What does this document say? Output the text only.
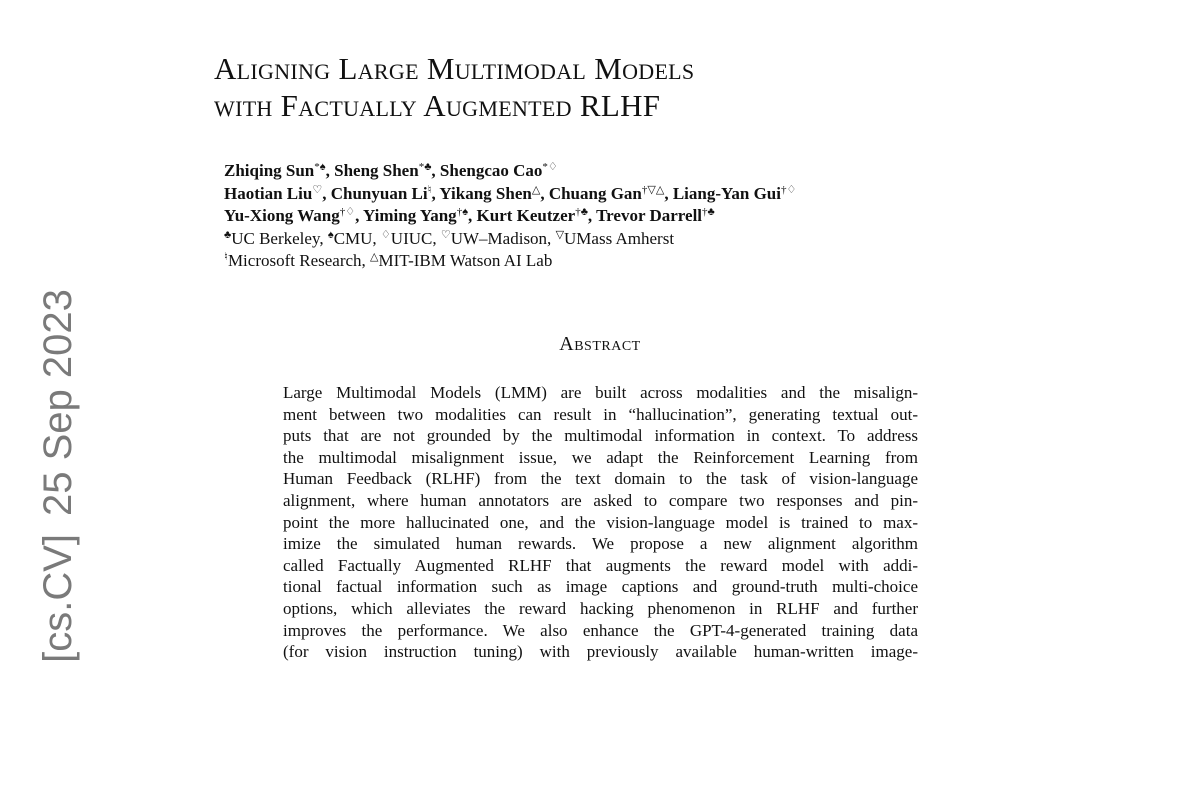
[cs.CV]25 Sep 2023
Aligning Large Multimodal Models
with Factually Augmented RLHF
Zhiqing Sun*♠, Sheng Shen*♣, Shengcao Cao*♢
Haotian Liu♡, Chunyuan Li♮, Yikang Shen△, Chuang Gan†▽△, Liang-Yan Gui†♢
Yu-Xiong Wang†♢, Yiming Yang†♠, Kurt Keutzer†♣, Trevor Darrell†♣
♣UC Berkeley, ♠CMU, ♢UIUC, ♡UW–Madison, ▽UMass Amherst
♮Microsoft Research, △MIT-IBM Watson AI Lab
Abstract
Large Multimodal Models (LMM) are built across modalities and the misalign-
ment between two modalities can result in “hallucination”, generating textual out-
puts that are not grounded by the multimodal information in context. To address
the multimodal misalignment issue, we adapt the Reinforcement Learning from
Human Feedback (RLHF) from the text domain to the task of vision-language
alignment, where human annotators are asked to compare two responses and pin-
point the more hallucinated one, and the vision-language model is trained to max-
imize the simulated human rewards. We propose a new alignment algorithm
called Factually Augmented RLHF that augments the reward model with addi-
tional factual information such as image captions and ground-truth multi-choice
options, which alleviates the reward hacking phenomenon in RLHF and further
improves the performance. We also enhance the GPT-4-generated training data
(for vision instruction tuning) with previously available human-written image-
